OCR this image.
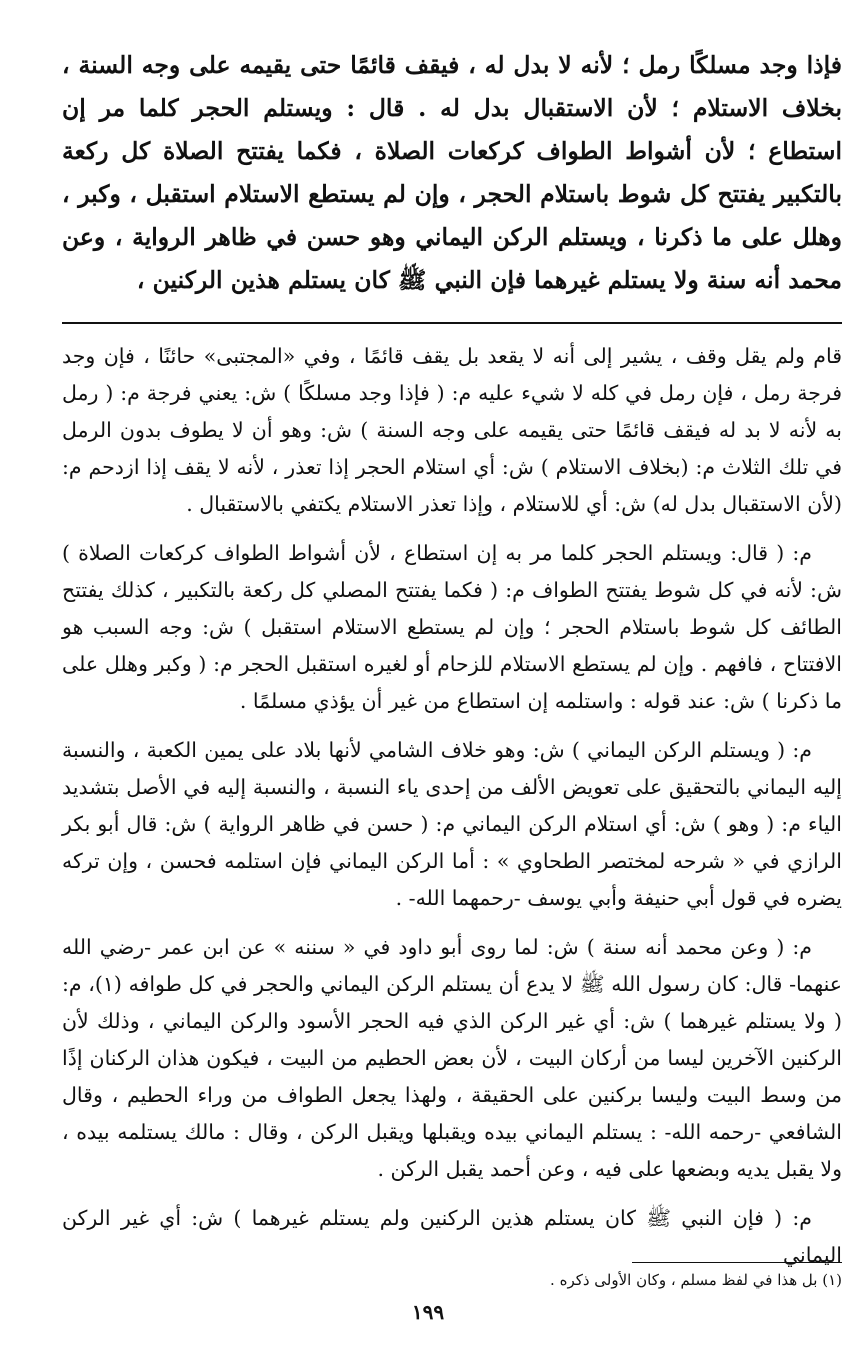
فإذا وجد مسلكًا رمل ؛ لأنه لا بدل له ، فيقف قائمًا حتى يقيمه على وجه السنة ، بخلاف الاستلام ؛ لأن الاستقبال بدل له . قال : ويستلم الحجر كلما مر إن استطاع ؛ لأن أشواط الطواف كركعات الصلاة ، فكما يفتتح الصلاة كل ركعة بالتكبير يفتتح كل شوط باستلام الحجر ، وإن لم يستطع الاستلام استقبل ، وكبر ، وهلل على ما ذكرنا ، ويستلم الركن اليماني وهو حسن في ظاهر الرواية ، وعن محمد أنه سنة ولا يستلم غيرهما فإن النبي ﷺ كان يستلم هذين الركنين ،

قام ولم يقل وقف ، يشير إلى أنه لا يقعد بل يقف قائمًا ، وفي «المجتبى» حائنًا ، فإن وجد فرجة رمل ، فإن رمل في كله لا شيء عليه م: ( فإذا وجد مسلكًا ) ش: يعني فرجة م: ( رمل به لأنه لا بد له فيقف قائمًا حتى يقيمه على وجه السنة ) ش: وهو أن لا يطوف بدون الرمل في تلك الثلاث م: (بخلاف الاستلام ) ش: أي استلام الحجر إذا تعذر ، لأنه لا يقف إذا ازدحم م: (لأن الاستقبال بدل له) ش: أي للاستلام ، وإذا تعذر الاستلام يكتفي بالاستقبال .

م: ( قال: ويستلم الحجر كلما مر به إن استطاع ، لأن أشواط الطواف كركعات الصلاة ) ش: لأنه في كل شوط يفتتح الطواف م: ( فكما يفتتح المصلي كل ركعة بالتكبير ، كذلك يفتتح الطائف كل شوط باستلام الحجر ؛ وإن لم يستطع الاستلام استقبل ) ش: وجه السبب هو الافتتاح ، فافهم . وإن لم يستطع الاستلام للزحام أو لغيره استقبل الحجر م: ( وكبر وهلل على ما ذكرنا ) ش: عند قوله : واستلمه إن استطاع من غير أن يؤذي مسلمًا .

م: ( ويستلم الركن اليماني ) ش: وهو خلاف الشامي لأنها بلاد على يمين الكعبة ، والنسبة إليه اليماني بالتحقيق على تعويض الألف من إحدى ياء النسبة ، والنسبة إليه في الأصل بتشديد الياء م: ( وهو ) ش: أي استلام الركن اليماني م: ( حسن في ظاهر الرواية ) ش: قال أبو بكر الرازي في « شرحه لمختصر الطحاوي » : أما الركن اليماني فإن استلمه فحسن ، وإن تركه يضره في قول أبي حنيفة وأبي يوسف -رحمهما الله- .

م: ( وعن محمد أنه سنة ) ش: لما روى أبو داود في « سننه » عن ابن عمر -رضي الله عنهما- قال: كان رسول الله ﷺ لا يدع أن يستلم الركن اليماني والحجر في كل طوافه (١)، م: ( ولا يستلم غيرهما ) ش: أي غير الركن الذي فيه الحجر الأسود والركن اليماني ، وذلك لأن الركنين الآخرين ليسا من أركان البيت ، لأن بعض الحطيم من البيت ، فيكون هذان الركنان إذًا من وسط البيت وليسا بركنين على الحقيقة ، ولهذا يجعل الطواف من وراء الحطيم ، وقال الشافعي -رحمه الله- : يستلم اليماني بيده ويقبلها ويقبل الركن ، وقال : مالك يستلمه بيده ، ولا يقبل يديه وبضعها على فيه ، وعن أحمد يقبل الركن .

م: ( فإن النبي ﷺ كان يستلم هذين الركنين ولم يستلم غيرهما ) ش: أي غير الركن اليماني

(١) بل هذا في لفظ مسلم ، وكان الأولى ذكره .

١٩٩
